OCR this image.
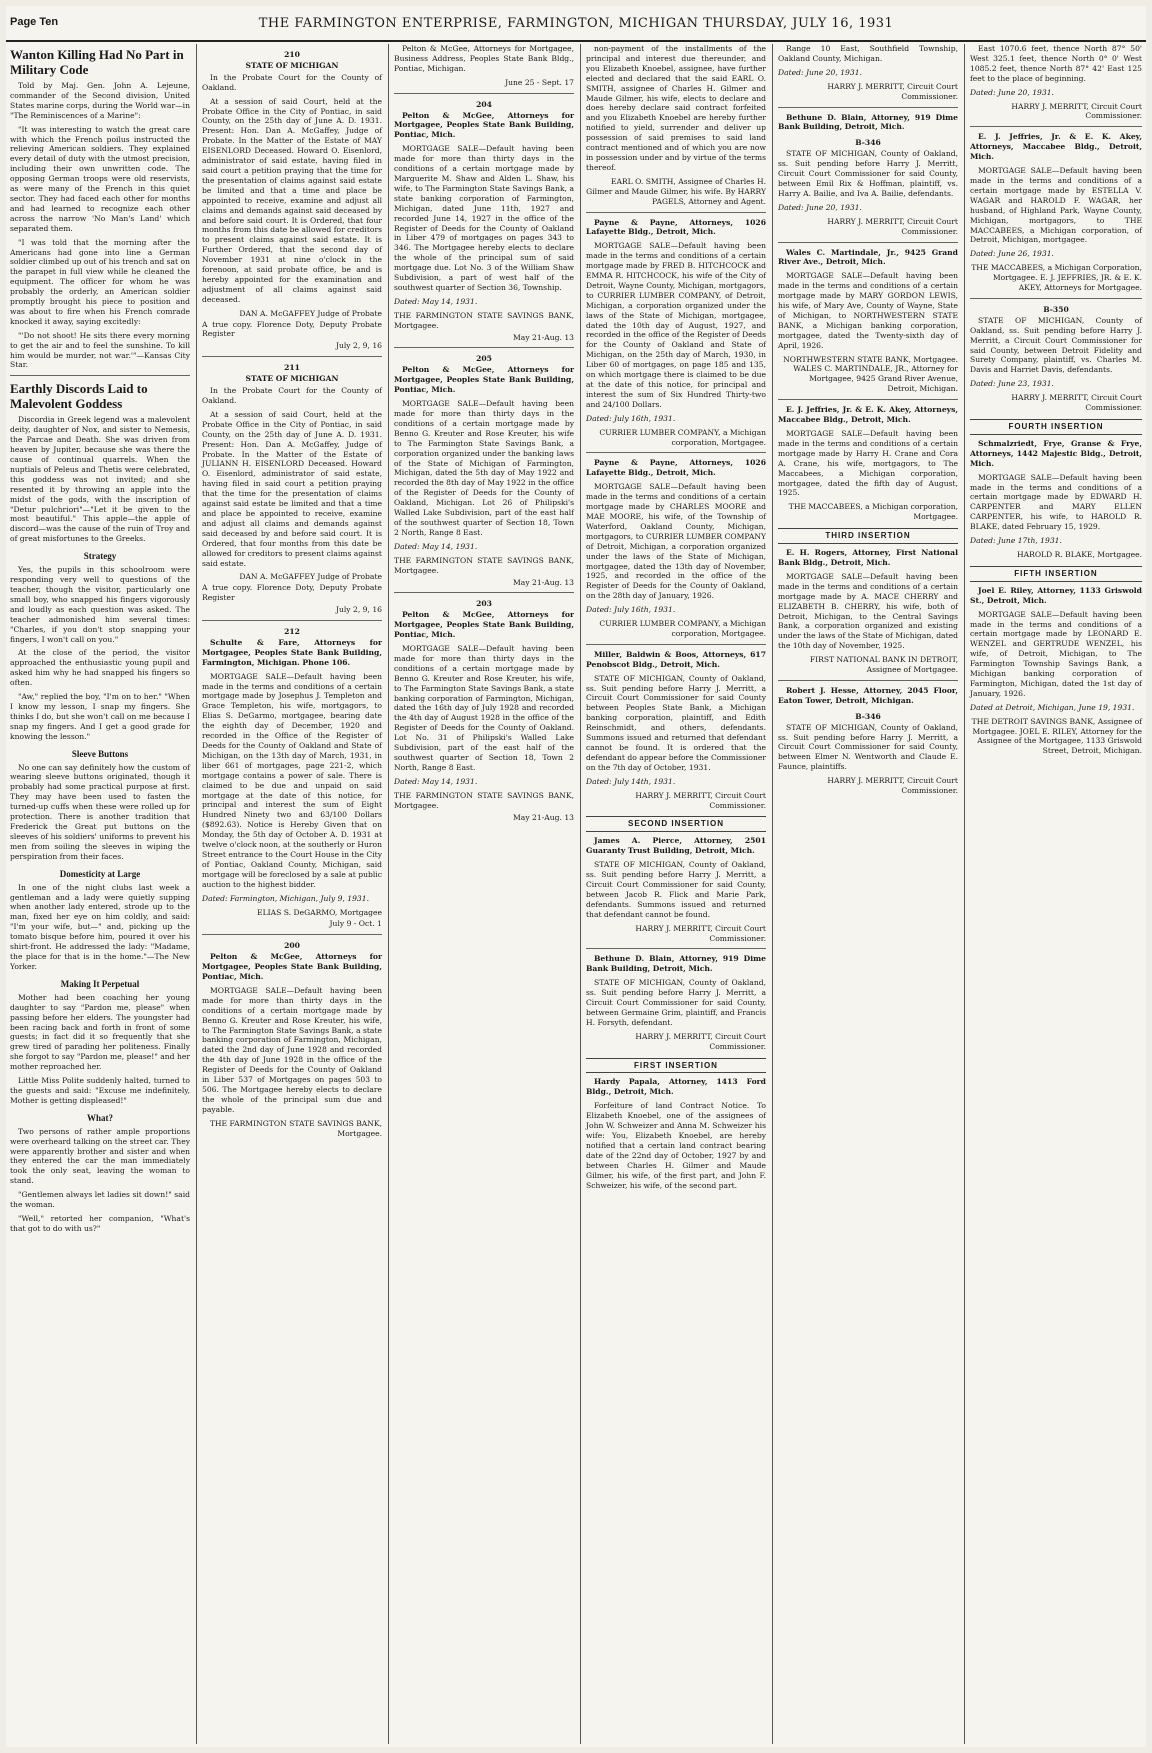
Page Ten	THE FARMINGTON ENTERPRISE, FARMINGTON, MICHIGAN THURSDAY, JULY 16, 1931
Wanton Killing Had No Part in Military Code

Told by Maj. Gen. John A. Lejeune, commander of the Second division, United States marine corps, during the World war—in "The Reminiscences of a Marine":

"It was interesting to watch the great care with which the French poilus instructed the relieving American soldiers. They explained every detail of duty with the utmost precision, including their own unwritten code. The opposing German troops were old reservists, as were many of the French in this quiet sector. They had faced each other for months and had learned to recognize each other across the narrow 'No Man's Land' which separated them.

"I was told that the morning after the Americans had gone into line a German soldier climbed up out of his trench and sat on the parapet in full view while he cleaned the equipment. The officer for whom he was probably the orderly, an American soldier promptly brought his piece to position and was about to fire when his French comrade knocked it away, saying excitedly:

"'Do not shoot! He sits there every morning to get the air and to feel the sunshine. To kill him would be murder, not war.'"—Kansas City Star.

Earthly Discords Laid to Malevolent Goddess

Discordia in Greek legend was a malevolent deity, daughter of Nox, and sister to Nemesis, the Parcae and Death. She was driven from heaven by Jupiter, because she was there the cause of continual quarrels. When the nuptials of Peleus and Thetis were celebrated, this goddess was not invited; and she resented it by throwing an apple into the midst of the gods, with the inscription of "Detur pulchriori"—"Let it be given to the most beautiful." This apple—the apple of discord—was the cause of the ruin of Troy and of great misfortunes to the Greeks.

Strategy

Yes, the pupils in this schoolroom were responding very well to questions of the teacher, though the visitor, particularly one small boy, who snapped his fingers vigorously and loudly as each question was asked. The teacher admonished him several times: "Charles, if you don't stop snapping your fingers, I won't call on you."

At the close of the period, the visitor approached the enthusiastic young pupil and asked him why he had snapped his fingers so often.

"Aw," replied the boy, "I'm on to her." "When I know my lesson, I snap my fingers. She thinks I do, but she won't call on me because I snap my fingers. And I get a good grade for knowing the lesson."

Sleeve Buttons

No one can say definitely how the custom of wearing sleeve buttons originated, though it probably had some practical purpose at first. They may have been used to fasten the turned-up cuffs when these were rolled up for protection. There is another tradition that Frederick the Great put buttons on the sleeves of his soldiers' uniforms to prevent his men from soiling the sleeves in wiping the perspiration from their faces.

Domesticity at Large

In one of the night clubs last week a gentleman and a lady were quietly supping when another lady entered, strode up to the man, fixed her eye on him coldly, and said: "I'm your wife, but—" and, picking up the tomato bisque before him, poured it over his shirt-front. He addressed the lady: "Madame, the place for that is in the home."—The New Yorker.

Making It Perpetual

Mother had been coaching her young daughter to say "Pardon me, please" when passing before her elders. The youngster had been racing back and forth in front of some guests; in fact did it so frequently that she grew tired of parading her politeness. Finally she forgot to say "Pardon me, please!" and her mother reproached her.

Little Miss Polite suddenly halted, turned to the guests and said: "Excuse me indefinitely, Mother is getting displeased!"

What?

Two persons of rather ample proportions were overheard talking on the street car. They were apparently brother and sister and when they entered the car the man immediately took the only seat, leaving the woman to stand.

"Gentlemen always let ladies sit down!" said the woman.

"Well," retorted her companion, "What's that got to do with us?"

210
STATE OF MICHIGAN

In the Probate Court for the County of Oakland.

At a session of said Court, held at the Probate Office in the City of Pontiac, in said County, on the 25th day of June A. D. 1931. Present: Hon. Dan A. McGaffey, Judge of Probate. In the Matter of the Estate of MAY EISENLORD Deceased. Howard O. Eisenlord, administrator of said estate, having filed in said court a petition praying that the time for the presentation of claims against said estate be limited and that a time and place be appointed to receive, examine and adjust all claims and demands against said deceased by and before said court. It is Ordered, that four months from this date be allowed for creditors to present claims against said estate. It is Further Ordered, that the second day of November 1931 at nine o'clock in the forenoon, at said probate office, be and is hereby appointed for the examination and adjustment of all claims against said deceased.

DAN A. McGAFFEY Judge of Probate
A true copy. Florence Doty, Deputy Probate Register
July 2, 9, 16
211
STATE OF MICHIGAN

In the Probate Court for the County of Oakland.

At a session of said Court, held at the Probate Office in the City of Pontiac, in said County, on the 25th day of June A. D. 1931. Present: Hon. Dan A. McGaffey, Judge of Probate. In the Matter of the Estate of JULIANN H. EISENLORD Deceased. Howard O. Eisenlord, administrator of said estate, having filed in said court a petition praying that the time for the presentation of claims against said estate be limited and that a time and place be appointed to receive, examine and adjust all claims and demands against said deceased by and before said court. It is Ordered, that four months from this date be allowed for creditors to present claims against said estate.

DAN A. McGAFFEY Judge of Probate
A true copy. Florence Doty, Deputy Probate Register
July 2, 9, 16
212

Schulte & Fare, Attorneys for Mortgagee, Peoples State Bank Building, Farmington, Michigan. Phone 106.

MORTGAGE SALE—Default having been made in the terms and conditions of a certain mortgage made by Josephus J. Templeton and Grace Templeton, his wife, mortgagors, to Elias S. DeGarmo, mortgagee, bearing date the eighth day of December, 1920 and recorded in the Office of the Register of Deeds for the County of Oakland and State of Michigan, on the 13th day of March, 1931, in liber 661 of mortgages, page 221-2, which mortgage contains a power of sale. There is claimed to be due and unpaid on said mortgage at the date of this notice, for principal and interest the sum of Eight Hundred Ninety two and 63/100 Dollars ($892.63). Notice is Hereby Given that on Monday, the 5th day of October A. D. 1931 at twelve o'clock noon, at the southerly or Huron Street entrance to the Court House in the City of Pontiac, Oakland County, Michigan, said mortgage will be foreclosed by a sale at public auction to the highest bidder.

Dated: Farmington, Michigan, July 9, 1931.
ELIAS S. DeGARMO, Mortgagee
July 9 - Oct. 1
200

Pelton & McGee, Attorneys for Mortgagee, Peoples State Bank Building, Pontiac, Mich.

MORTGAGE SALE—Default having been made for more than thirty days in the conditions of a certain mortgage made by Benno G. Kreuter and Rose Kreuter, his wife, to The Farmington State Savings Bank, a state banking corporation of Farmington, Michigan, dated the 2nd day of June 1928 and recorded the 4th day of June 1928 in the office of the Register of Deeds for the County of Oakland in Liber 537 of Mortgages on pages 503 to 506. The Mortgagee hereby elects to declare the whole of the principal sum due and payable.

THE FARMINGTON STATE SAVINGS BANK, Mortgagee.

Pelton & McGee, Attorneys for Mortgagee, Business Address, Peoples State Bank Bldg., Pontiac, Michigan.

June 25 - Sept. 17
204

Pelton & McGee, Attorneys for Mortgagee, Peoples State Bank Building, Pontiac, Mich.

MORTGAGE SALE—Default having been made for more than thirty days in the conditions of a certain mortgage made by Marguerite M. Shaw and Alden L. Shaw, his wife, to The Farmington State Savings Bank, a state banking corporation of Farmington, Michigan, dated June 11th, 1927 and recorded June 14, 1927 in the office of the Register of Deeds for the County of Oakland in Liber 479 of mortgages on pages 343 to 346. The Mortgagee hereby elects to declare the whole of the principal sum of said mortgage due. Lot No. 3 of the William Shaw Subdivision, a part of west half of the southwest quarter of Section 36, Township.

Dated: May 14, 1931.
THE FARMINGTON STATE SAVINGS BANK, Mortgagee.
May 21-Aug. 13
205

Pelton & McGee, Attorneys for Mortgagee, Peoples State Bank Building, Pontiac, Mich.

MORTGAGE SALE—Default having been made for more than thirty days in the conditions of a certain mortgage made by Benno G. Kreuter and Rose Kreuter, his wife to The Farmington State Savings Bank, a corporation organized under the banking laws of the State of Michigan of Farmington, Michigan, dated the 5th day of May 1922 and recorded the 8th day of May 1922 in the office of the Register of Deeds for the County of Oakland, Michigan. Lot 26 of Philipski's Walled Lake Subdivision, part of the east half of the southwest quarter of Section 18, Town 2 North, Range 8 East.

Dated: May 14, 1931.
THE FARMINGTON STATE SAVINGS BANK, Mortgagee.
May 21-Aug. 13
203

Pelton & McGee, Attorneys for Mortgagee, Peoples State Bank Building, Pontiac, Mich.

MORTGAGE SALE—Default having been made for more than thirty days in the conditions of a certain mortgage made by Benno G. Kreuter and Rose Kreuter, his wife, to The Farmington State Savings Bank, a state banking corporation of Farmington, Michigan, dated the 16th day of July 1928 and recorded the 4th day of August 1928 in the office of the Register of Deeds for the County of Oakland. Lot No. 31 of Philipski's Walled Lake Subdivision, part of the east half of the southwest quarter of Section 18, Town 2 North, Range 8 East.

Dated: May 14, 1931.
THE FARMINGTON STATE SAVINGS BANK, Mortgagee.
May 21-Aug. 13

non-payment of the installments of the principal and interest due thereunder, and you Elizabeth Knoebel, assignee, have further elected and declared that the said EARL O. SMITH, assignee of Charles H. Gilmer and Maude Gilmer, his wife, elects to declare and does hereby declare said contract forfeited and you Elizabeth Knoebel are hereby further notified to yield, surrender and deliver up possession of said premises to said land contract mentioned and of which you are now in possession under and by virtue of the terms thereof.

EARL O. SMITH, Assignee of Charles H. Gilmer and Maude Gilmer, his wife. By HARRY PAGELS, Attorney and Agent.

Payne & Payne, Attorneys, 1026 Lafayette Bldg., Detroit, Mich.

MORTGAGE SALE—Default having been made in the terms and conditions of a certain mortgage made by FRED B. HITCHCOCK and EMMA R. HITCHCOCK, his wife of the City of Detroit, Wayne County, Michigan, mortgagors, to CURRIER LUMBER COMPANY, of Detroit, Michigan, a corporation organized under the laws of the State of Michigan, mortgagee, dated the 10th day of August, 1927, and recorded in the office of the Register of Deeds for the County of Oakland and State of Michigan, on the 25th day of March, 1930, in Liber 60 of mortgages, on page 185 and 135, on which mortgage there is claimed to be due at the date of this notice, for principal and interest the sum of Six Hundred Thirty-two and 24/100 Dollars.

Dated: July 16th, 1931.
CURRIER LUMBER COMPANY, a Michigan corporation, Mortgagee.

Payne & Payne, Attorneys, 1026 Lafayette Bldg., Detroit, Mich.

MORTGAGE SALE—Default having been made in the terms and conditions of a certain mortgage made by CHARLES MOORE and MAE MOORE, his wife, of the Township of Waterford, Oakland County, Michigan, mortgagors, to CURRIER LUMBER COMPANY of Detroit, Michigan, a corporation organized under the laws of the State of Michigan, mortgagee, dated the 13th day of November, 1925, and recorded in the office of the Register of Deeds for the County of Oakland, on the 28th day of January, 1926.

Dated: July 16th, 1931.
CURRIER LUMBER COMPANY, a Michigan corporation, Mortgagee.

Miller, Baldwin & Boos, Attorneys, 617 Penobscot Bldg., Detroit, Mich.

STATE OF MICHIGAN, County of Oakland, ss. Suit pending before Harry J. Merritt, a Circuit Court Commissioner for said County between Peoples State Bank, a Michigan banking corporation, plaintiff, and Edith Reinschmidt, and others, defendants. Summons issued and returned that defendant cannot be found. It is ordered that the defendant do appear before the Commissioner on the 7th day of October, 1931.

Dated: July 14th, 1931.
HARRY J. MERRITT, Circuit Court Commissioner.
SECOND INSERTION

James A. Pierce, Attorney, 2501 Guaranty Trust Building, Detroit, Mich.

STATE OF MICHIGAN, County of Oakland, ss. Suit pending before Harry J. Merritt, a Circuit Court Commissioner for said County, between Jacob R. Flick and Marie Park, defendants. Summons issued and returned that defendant cannot be found.

HARRY J. MERRITT, Circuit Court Commissioner.

Bethune D. Blain, Attorney, 919 Dime Bank Building, Detroit, Mich.

STATE OF MICHIGAN, County of Oakland, ss. Suit pending before Harry J. Merritt, a Circuit Court Commissioner for said County, between Germaine Grim, plaintiff, and Francis H. Forsyth, defendant.

HARRY J. MERRITT, Circuit Court Commissioner.
FIRST INSERTION

Hardy Papala, Attorney, 1413 Ford Bldg., Detroit, Mich.

Forfeiture of land Contract Notice. To Elizabeth Knoebel, one of the assignees of John W. Schweizer and Anna M. Schweizer his wife: You, Elizabeth Knoebel, are hereby notified that a certain land contract bearing date of the 22nd day of October, 1927 by and between Charles H. Gilmer and Maude Gilmer, his wife, of the first part, and John F. Schweizer, his wife, of the second part.

Range 10 East, Southfield Township, Oakland County, Michigan.

Dated: June 20, 1931.
HARRY J. MERRITT, Circuit Court Commissioner.

Bethune D. Blain, Attorney, 919 Dime Bank Building, Detroit, Mich.

B-346

STATE OF MICHIGAN, County of Oakland, ss. Suit pending before Harry J. Merritt, Circuit Court Commissioner for said County, between Emil Rix & Hoffman, plaintiff, vs. Harry A. Bailie, and Iva A. Bailie, defendants.

Dated: June 20, 1931.
HARRY J. MERRITT, Circuit Court Commissioner.

Wales C. Martindale, Jr., 9425 Grand River Ave., Detroit, Mich.

MORTGAGE SALE—Default having been made in the terms and conditions of a certain mortgage made by MARY GORDON LEWIS, his wife, of Mary Ave, County of Wayne, State of Michigan, to NORTHWESTERN STATE BANK, a Michigan banking corporation, mortgagee, dated the Twenty-sixth day of April, 1926.

NORTHWESTERN STATE BANK, Mortgagee. WALES C. MARTINDALE, JR., Attorney for Mortgagee, 9425 Grand River Avenue, Detroit, Michigan.

E. J. Jeffries, Jr. & E. K. Akey, Attorneys, Maccabee Bldg., Detroit, Mich.

MORTGAGE SALE—Default having been made in the terms and conditions of a certain mortgage made by Harry H. Crane and Cora A. Crane, his wife, mortgagors, to The Maccabees, a Michigan corporation, mortgagee, dated the fifth day of August, 1925.

THE MACCABEES, a Michigan corporation, Mortgagee.
THIRD INSERTION

E. H. Rogers, Attorney, First National Bank Bldg., Detroit, Mich.

MORTGAGE SALE—Default having been made in the terms and conditions of a certain mortgage made by A. MACE CHERRY and ELIZABETH B. CHERRY, his wife, both of Detroit, Michigan, to the Central Savings Bank, a corporation organized and existing under the laws of the State of Michigan, dated the 10th day of November, 1925.

FIRST NATIONAL BANK IN DETROIT, Assignee of Mortgagee.

Robert J. Hesse, Attorney, 2045 Floor, Eaton Tower, Detroit, Michigan.

B-346

STATE OF MICHIGAN, County of Oakland, ss. Suit pending before Harry J. Merritt, a Circuit Court Commissioner for said County, between Elmer N. Wentworth and Claude E. Faunce, plaintiffs.

HARRY J. MERRITT, Circuit Court Commissioner.

East 1070.6 feet, thence North 87° 50' West 325.1 feet, thence North 0° 0' West 1085.2 feet, thence North 87° 42' East 125 feet to the place of beginning.

Dated: June 20, 1931.
HARRY J. MERRITT, Circuit Court Commissioner.

E. J. Jeffries, Jr. & E. K. Akey, Attorneys, Maccabee Bldg., Detroit, Mich.

MORTGAGE SALE—Default having been made in the terms and conditions of a certain mortgage made by ESTELLA V. WAGAR and HAROLD F. WAGAR, her husband, of Highland Park, Wayne County, Michigan, mortgagors, to THE MACCABEES, a Michigan corporation, of Detroit, Michigan, mortgagee.

Dated: June 26, 1931.
THE MACCABEES, a Michigan Corporation, Mortgagee. E. J. JEFFRIES, JR. & E. K. AKEY, Attorneys for Mortgagee.
B-350

STATE OF MICHIGAN, County of Oakland, ss. Suit pending before Harry J. Merritt, a Circuit Court Commissioner for said County, between Detroit Fidelity and Surety Company, plaintiff, vs. Charles M. Davis and Harriet Davis, defendants.

Dated: June 23, 1931.
HARRY J. MERRITT, Circuit Court Commissioner.
FOURTH INSERTION

Schmalzriedt, Frye, Granse & Frye, Attorneys, 1442 Majestic Bldg., Detroit, Mich.

MORTGAGE SALE—Default having been made in the terms and conditions of a certain mortgage made by EDWARD H. CARPENTER and MARY ELLEN CARPENTER, his wife, to HAROLD R. BLAKE, dated February 15, 1929.

Dated: June 17th, 1931.
HAROLD R. BLAKE, Mortgagee.
FIFTH INSERTION

Joel E. Riley, Attorney, 1133 Griswold St., Detroit, Mich.

MORTGAGE SALE—Default having been made in the terms and conditions of a certain mortgage made by LEONARD E. WENZEL and GERTRUDE WENZEL, his wife, of Detroit, Michigan, to The Farmington Township Savings Bank, a Michigan banking corporation of Farmington, Michigan, dated the 1st day of January, 1926.

Dated at Detroit, Michigan, June 19, 1931.
THE DETROIT SAVINGS BANK, Assignee of Mortgagee. JOEL E. RILEY, Attorney for the Assignee of the Mortgagee, 1133 Griswold Street, Detroit, Michigan.
